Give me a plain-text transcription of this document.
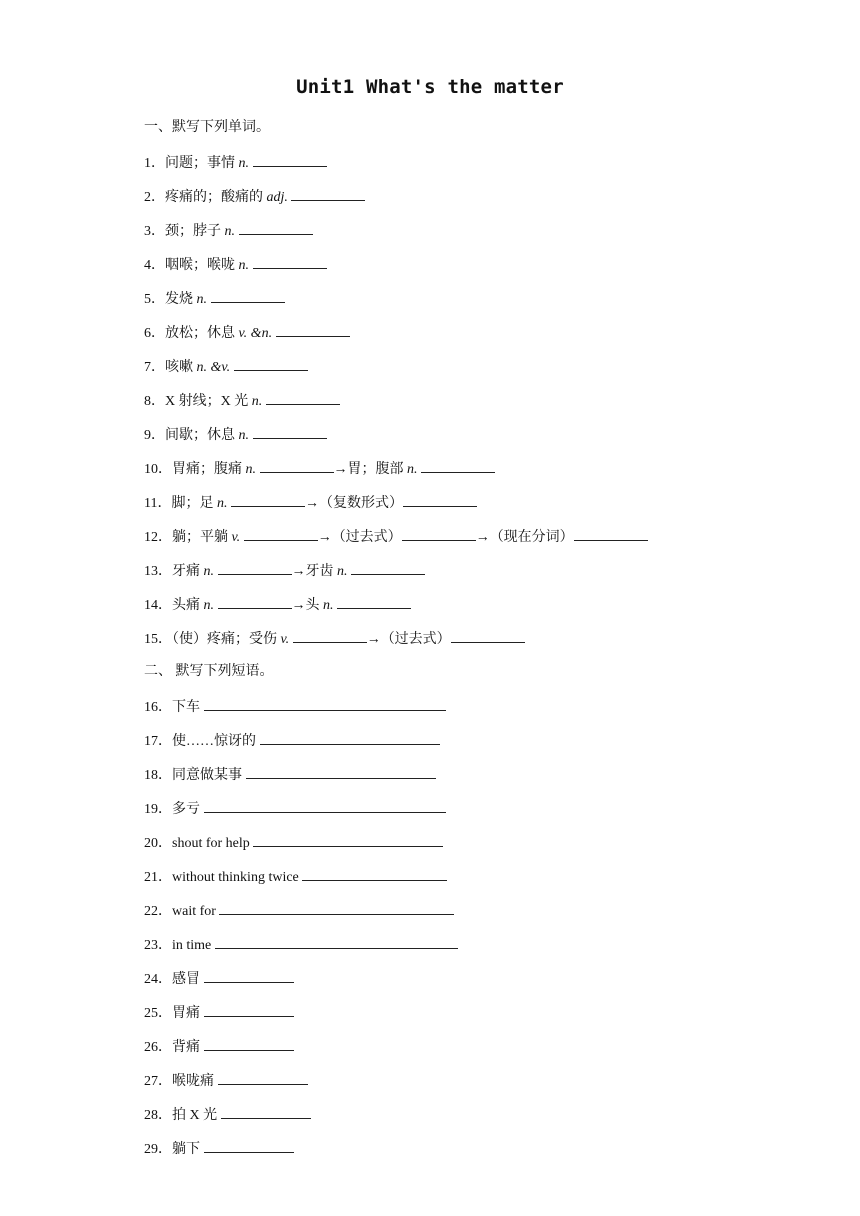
Unit1 What's the matter
一、默写下列单词。
1．问题；事情 n.
2．疼痛的；酸痛的 adj.
3．颈；脖子 n.
4．咽喉；喉咙 n.
5．发烧 n.
6．放松；休息 v. &n.
7．咳嗽 n. &v.
8．X 射线；X 光 n.
9．间歇；休息 n.
10．胃痛；腹痛 n.	→胃；腹部 n.
11．脚；足 n.	→（复数形式）
12．躺；平躺 v.	→（过去式）	→（现在分词）
13．牙痛 n.	→牙齿 n.
14．头痛 n.	→头 n.
15．（使）疼痛；受伤 v.	→（过去式）
二、 默写下列短语。
16．下车
17．使……惊讶的
18．同意做某事
19．多亏
20．shout for help
21．without thinking twice
22．wait for
23．in time
24．感冒
25．胃痛
26．背痛
27．喉咙痛
28．拍 X 光
29．躺下
